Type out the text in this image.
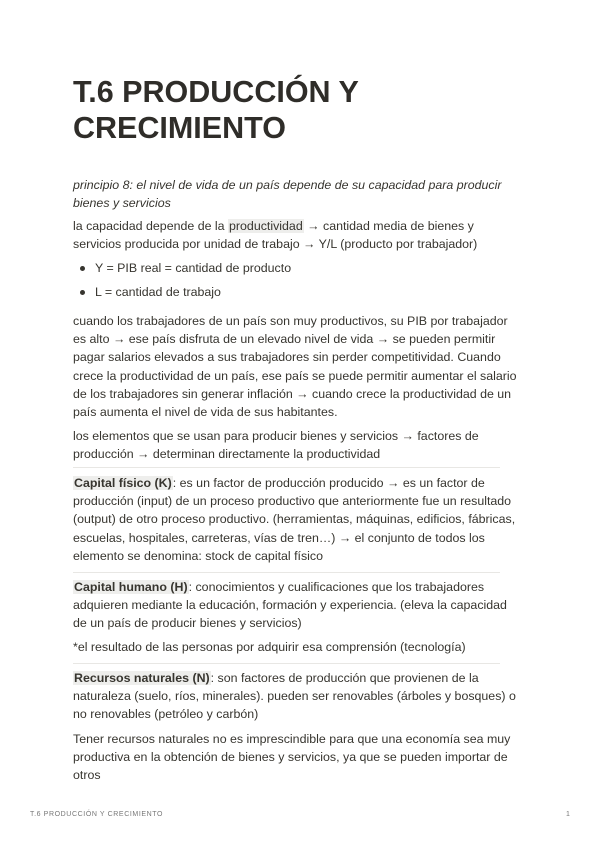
T.6 PRODUCCIÓN Y CRECIMIENTO
principio 8: el nivel de vida de un país depende de su capacidad para producir bienes y servicios
la capacidad depende de la productividad → cantidad media de bienes y servicios producida por unidad de trabajo → Y/L (producto por trabajador)
Y = PIB real = cantidad de producto
L = cantidad de trabajo
cuando los trabajadores de un país son muy productivos, su PIB por trabajador es alto → ese país disfruta de un elevado nivel de vida → se pueden permitir pagar salarios elevados a sus trabajadores sin perder competitividad. Cuando crece la productividad de un país, ese país se puede permitir aumentar el salario de los trabajadores sin generar inflación → cuando crece la productividad de un país aumenta el nivel de vida de sus habitantes.
los elementos que se usan para producir bienes y servicios → factores de producción → determinan directamente la productividad
Capital físico (K): es un factor de producción producido → es un factor de producción (input) de un proceso productivo que anteriormente fue un resultado (output) de otro proceso productivo. (herramientas, máquinas, edificios, fábricas, escuelas, hospitales, carreteras, vías de tren…) → el conjunto de todos los elemento se denomina: stock de capital físico
Capital humano (H): conocimientos y cualificaciones que los trabajadores adquieren mediante la educación, formación y experiencia. (eleva la capacidad de un país de producir bienes y servicios)
*el resultado de las personas por adquirir esa comprensión (tecnología)
Recursos naturales (N): son factores de producción que provienen de la naturaleza (suelo, ríos, minerales). pueden ser renovables (árboles y bosques) o no renovables (petróleo y carbón)
Tener recursos naturales no es imprescindible para que una economía sea muy productiva en la obtención de bienes y servicios, ya que se pueden importar de otros
T.6 PRODUCCIÓN Y CRECIMIENTO	1
